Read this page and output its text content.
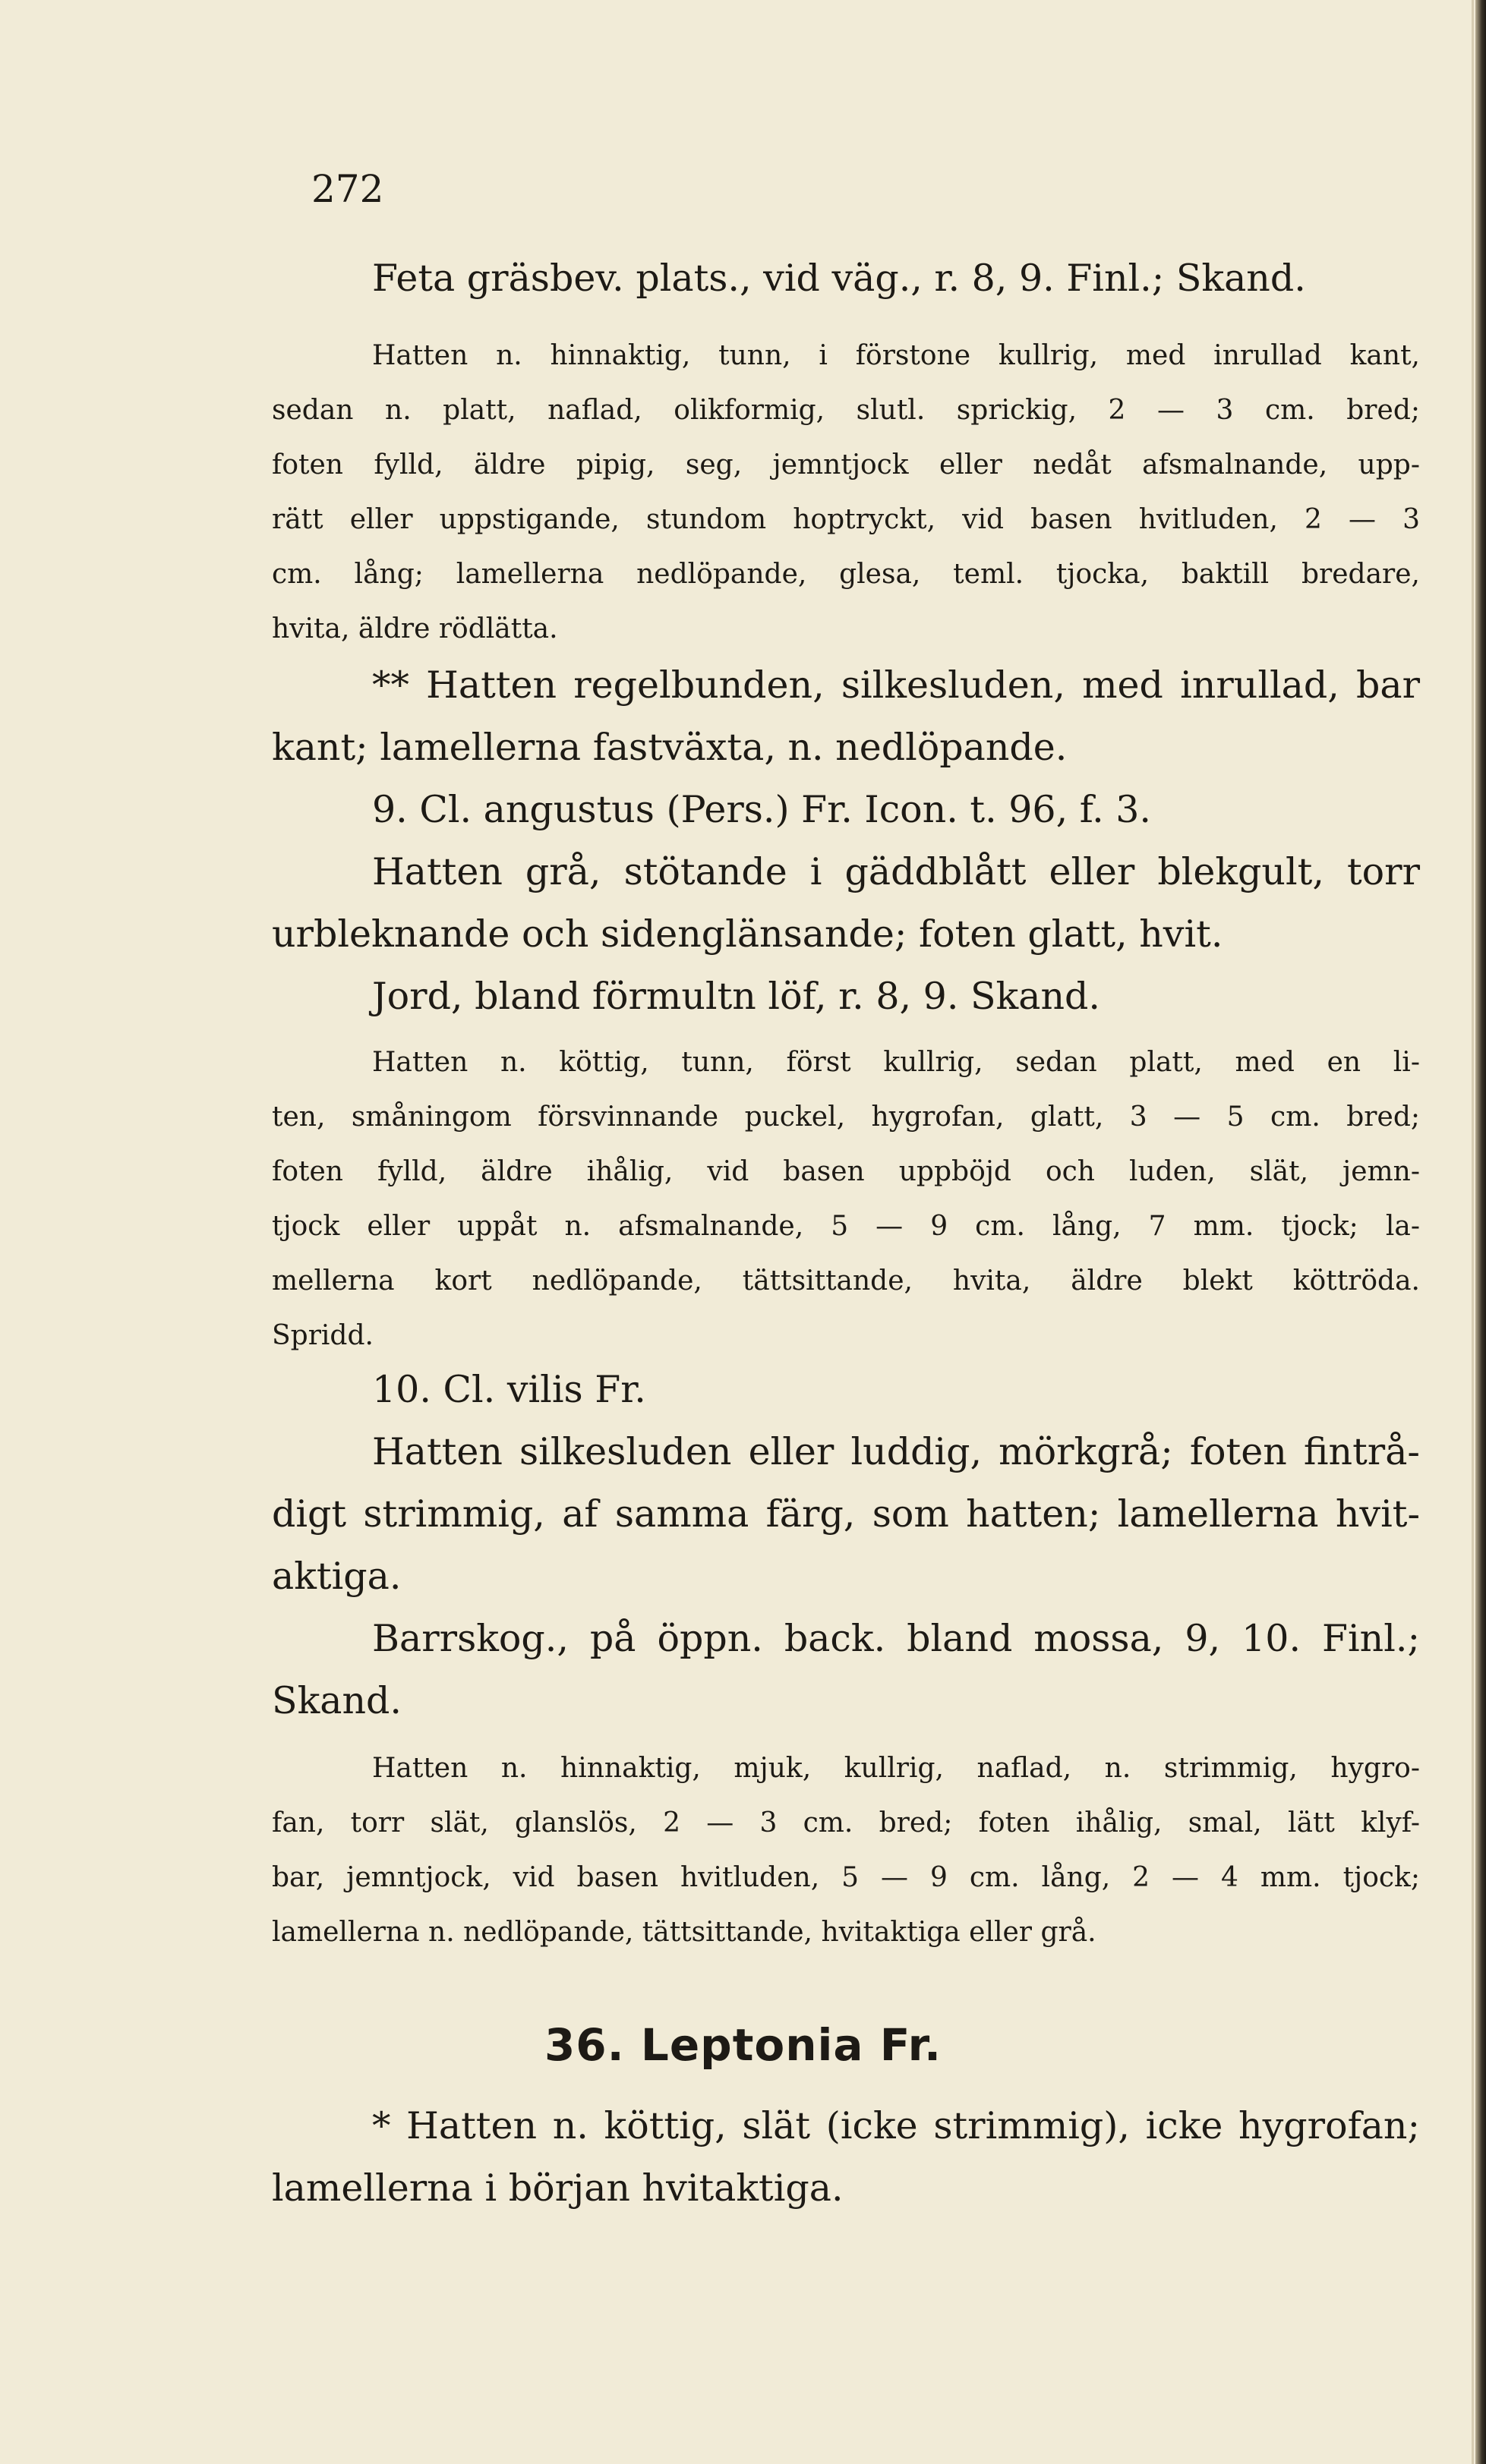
272
Feta gräsbev. plats., vid väg., r. 8, 9. Finl.; Skand.
Hatten n. hinnaktig, tunn, i förstone kullrig, med inrullad kant,
sedan n. platt, naflad, olikformig, slutl. sprickig, 2 — 3 cm. bred;
foten fylld, äldre pipig, seg, jemntjock eller nedåt afsmalnande, upp-
rätt eller uppstigande, stundom hoptryckt, vid basen hvitluden, 2 — 3
cm. lång; lamellerna nedlöpande, glesa, teml. tjocka, baktill bredare,
hvita, äldre rödlätta.
** Hatten regelbunden, silkesluden, med inrullad, bar
kant; lamellerna fastväxta, n. nedlöpande.
9. Cl. angustus (Pers.) Fr. Icon. t. 96, f. 3.
Hatten grå, stötande i gäddblått eller blekgult, torr
urbleknande och sidenglänsande; foten glatt, hvit.
Jord, bland förmultn löf, r. 8, 9. Skand.
Hatten n. köttig, tunn, först kullrig, sedan platt, med en li-
ten, småningom försvinnande puckel, hygrofan, glatt, 3 — 5 cm. bred;
foten fylld, äldre ihålig, vid basen uppböjd och luden, slät, jemn-
tjock eller uppåt n. afsmalnande, 5 — 9 cm. lång, 7 mm. tjock; la-
mellerna kort nedlöpande, tättsittande, hvita, äldre blekt köttröda.
Spridd.
10. Cl. vilis Fr.
Hatten silkesluden eller luddig, mörkgrå; foten fintrå-
digt strimmig, af samma färg, som hatten; lamellerna hvit-
aktiga.
Barrskog., på öppn. back. bland mossa, 9, 10. Finl.;
Skand.
Hatten n. hinnaktig, mjuk, kullrig, naflad, n. strimmig, hygro-
fan, torr slät, glanslös, 2 — 3 cm. bred; foten ihålig, smal, lätt klyf-
bar, jemntjock, vid basen hvitluden, 5 — 9 cm. lång, 2 — 4 mm. tjock;
lamellerna n. nedlöpande, tättsittande, hvitaktiga eller grå.
36. Leptonia Fr.
* Hatten n. köttig, slät (icke strimmig), icke hygrofan;
lamellerna i början hvitaktiga.
